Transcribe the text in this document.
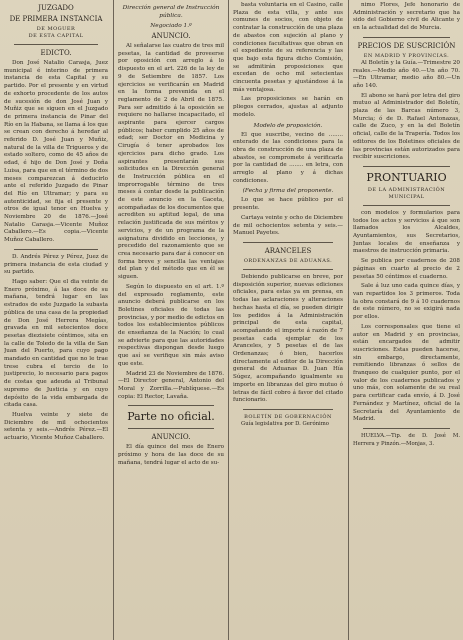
JUZGADO
DE PRIMERA INSTANCIA
DE MOGUER
DE ESTA CAPITAL
EDICTO.

Don José Natalio Carasja, Juez municipal é interino de primera instancia de esta Capital y su partido. Por el presente y en virtud de exhorto procedente de los autos de sucesión de don José Juan y Muñiz que se siguen en el Juzgado de primera instancia de Pinar del Río en la Habana, se llama á los que se crean con derecho á heredar al referido D. José Juan y Muñiz, natural de la villa de Trigueros y de estado soltero, como de 45 años de edad, é hijo de Don José y Doña Luisa, para que en el término de dos meses comparezcan á deducirlo ante el referido Juzgado de Pinar del Río en Ultramar; y para su autenticidad, se fija el presente y otros de igual tenor en Huelva y Noviembre 20 de 1876.—José Natalio Carasja.—Vicente Muñoz Caballero.—Es copia.—Vicente Muñoz Caballero.

D. Andrés Pérez y Pérez, Juez de primera instancia de esta ciudad y su partido.

Hago saber: Que el dia veinte de Enero próximo, á las doce de su mañana, tendrá lugar en las estrados de este Juzgado la subasta pública de una casa de la propiedad de Don José Herrera Megías, gravada en mil setecientos doce pesetas diezisiete céntimos, sita en la calle de Toledo de la villa de San Juan del Puerto, para cuyo pago mandado en cantidad que no le trae trese cubra el tercio de lo justiprecio, lo necesario para pagos de costas que adeuda al Tribunal supremo de Justicia y en cuyo depósito de la vida embargada de citada casa.

Huelva veinte y siete de Diciembre de mil ochocientos setenta y seis.—Andrés Pérez.—El actuario, Vicente Muñoz Caballero.

Dirección general de Instrucción pública.
Negociado 1.º
ANUNCIO.

Al señalarse las cuatro de tres mil pesetas, la cantidad de proveerse por oposición con arreglo á lo dispuesto en el art. 226 de la ley de 9 de Setiembre de 1857. Los ejercicios se verificarán en Madrid en la forma prevenida en el reglamento de 2 de Abril de 1875. Para ser admitido á la oposición se requiere no hallarse incapacitado, el aspirante para ejercer cargos públicos; haber cumplido 25 años de edad; ser Doctor en Medicina y Cirugía ó tener aprobados los ejercicios para dicho grado. Los aspirantes presentarán sus solicitudes en la Dirección general de Instrucción pública en el improrrogable término de tres meses á contar desde la publicación de este anuncio en la Gaceta, acompañadas de los documentos que acrediten su aptitud legal, de una relación justificada de sus méritos y servicios, y de un programa de la asignatura dividido en lecciones, y precedido del razonamiento que se crea necesario para dar á conocer en forma breve y sencilla las ventajas del plan y del método que en él se siguen.

Según lo dispuesto en el art. 1.º del expresado reglamento, este anuncio deberá publicarse en los Boletines oficiales de todas las provincias, y por medio de edictos en todos los establecimientos públicos de enseñanza de la Nación; lo cual se advierte para que las autoridades respectivas dispongan desde luego que así se verifique sin más aviso que este.

Madrid 23 de Noviembre de 1876.—El Director general, Antonio del Moral y Zorrilla.—Publíquese.—Es copia: El Rector, Lavaña.

Parte no oficial.
ANUNCIO.

El día quince del mes de Enero próximo y hora de las doce de su mañana, tendrá lugar el acto de su-

basta voluntaria en el Casino, calle Plaza de esta villa, y ante sus comunes de socios, con objeto de contratar la construcción de una plaza de abastos con sujeción al plano y condiciones facultativas que obran en el expediente de su referencia y las que bajo esta figura dicho Comisión, se admitirán proposiciones que excedan de ocho mil setecientas cincuenta pesetas y ajustándose á la más ventajosa.

Las proposiciones se harán en pliegos cerrados, ajustas al adjunto modelo.

Modelo de proposición.

El que suscribe, vecino de ........ enterado de las condiciones para la obra de construcción de una plaza de abastos, se compromete á verificarla por la cantidad de ........ en letra, con arreglo al plano y á dichas condiciones.

(Fecha y firma del proponente.

Lo que se hace público por el presente.

Cartaya veinte y ocho de Diciembre de mil ochocientos setenta y seis.—Manuel Payetes.

ARANCELES
ORDENANZAS DE ADUANAS.

Debiendo publicarse en breve, por disposición superior, nuevas ediciones oficiales, para estas ya en prensa, en todas las aclaraciones y alteraciones hechas hasta el día, se pueden dirigir los pedidos á la Administración principal de esta capital, acompañando el importe á razón de 7 pesetas cada ejemplar de los Aranceles, y 5 pesetas el de las Ordenanzas; ó bien, hacerlos directamente al editor de la Dirección general de Aduanas D. Juan Hía Súgez, acompañando igualmente su importe en libranzas del giro mutuo ó letras de fácil cobro á favor del citado funcionario.

BOLETÍN DE GOBERNACIÓN

Guía legislativa por D. Gerónimo

nimo Flores, Jefe honorario de Administración y secretario que ha sido del Gobierno civil de Alicante y en la actualidad del de Murcia.

PRECIOS DE SUSCRICIÓN
EN MADRID Y PROVINCIAS.

Al Boletín y la Guía.—Trimestre 20 reales.—Medio año 40.—Un año 70.—En Ultramar, medio año 80.—Un año 140.

El abono se hará por letra del giro mutuo al Administrador del Boletín, plaza de las Barcas número 3, Murcia; ó de D. Rafael Antonazas, calle de Zuco, y en la del Boletín oficial, calle de la Trapería. Todos los editores de los Boletines oficiales de las provincias están autorizados para recibir suscriciones.

PRONTUARIO
DE LA ADMINISTRACIÓN MUNICIPAL

con modelos y formularios para todos los actos y servicios á que son llamados los Alcaldes, Ayuntamientos, sus Secretarios, Juntas locales de enseñanza y maestros de instrucción primaria.

Se publica por cuadernos de 208 páginas en cuarto al precio de 2 pesetas 50 céntimos el cuaderno.

Sale á luz uno cada quince días, y van repartidos los 3 primeros. Toda la obra constará de 9 á 10 cuadernos de este número, no se exigirá nada por ellos.

Los corresponsales que tiene el autor en Madrid y en provincias, están encargados de admitir suscriciones. Estas pueden hacerse, sin embargo, directamente, remitiendo libranzas ó sellos de franqueo de cualquier punto, por el valor de los cuadernos publicados y uno más, con solamente de su real para certificar cada envío, á D. José Fernández y Martínez, oficial de la Secretaría del Ayuntamiento de Madrid.

HUELVA.—Tip. de D. José M. Herrera y Pinzón.—Monjas, 3.
